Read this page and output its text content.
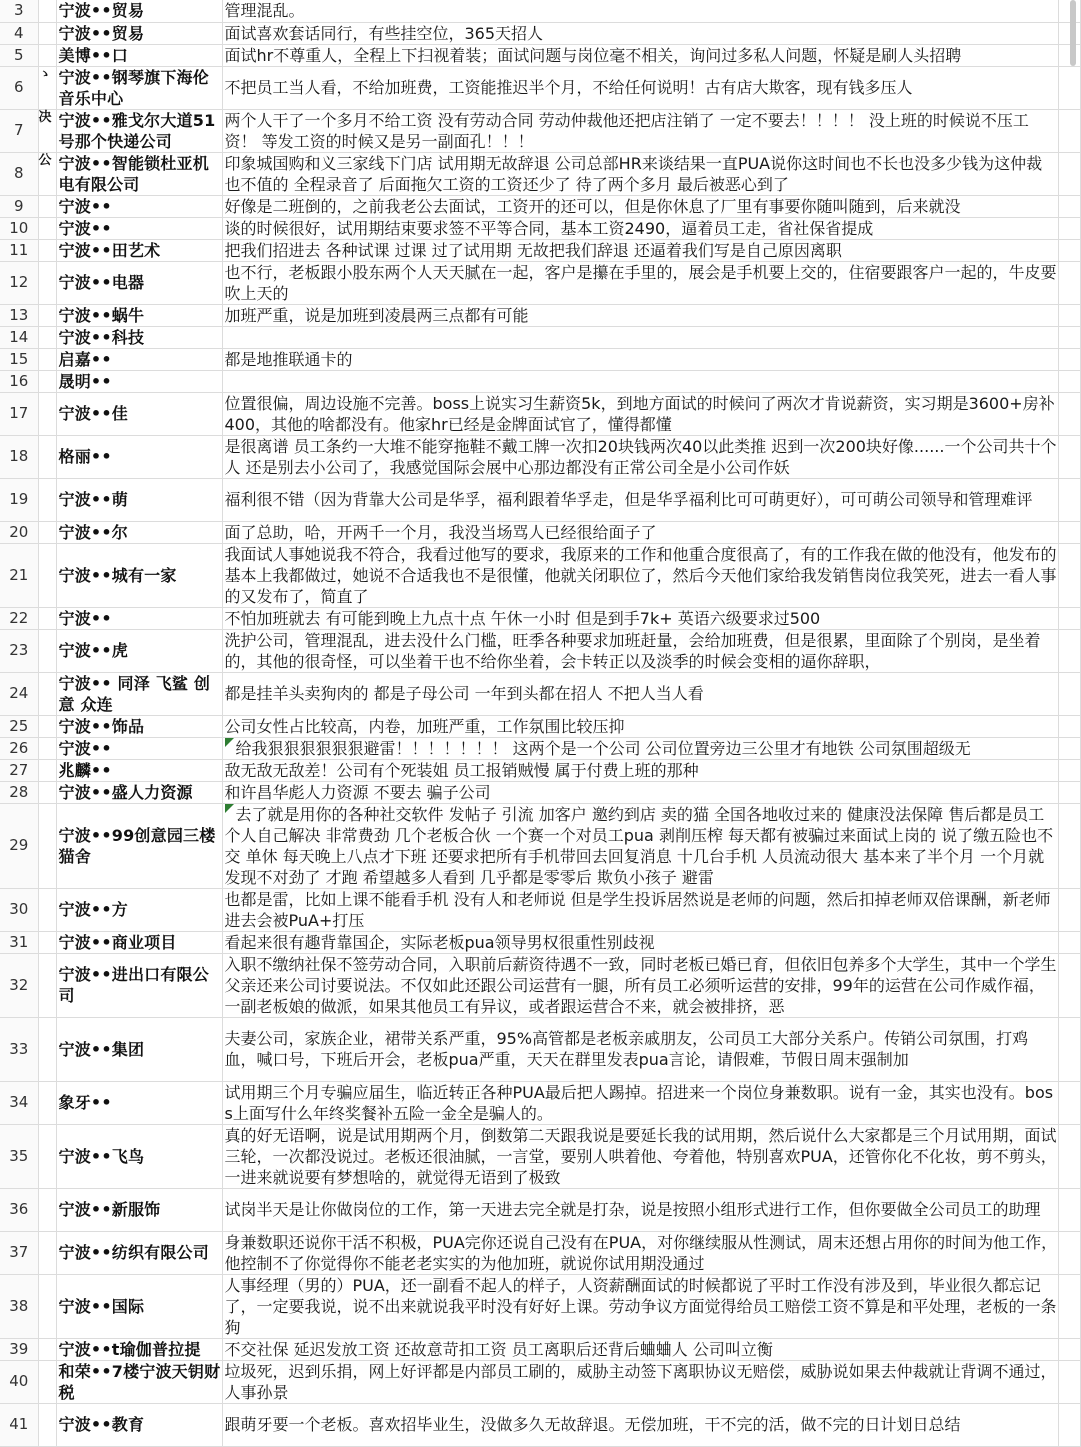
3		宁波••贸易	管理混乱。	
4		宁波••贸易	面试喜欢套话同行，有些挂空位，365天招人	
5		美博••口	面试hr不尊重人，全程上下扫视着装；面试问题与岗位毫不相关，询问过多私人问题，怀疑是刷人头招聘	
6	ゝ	宁波••钢琴旗下海伦音乐中心	不把员工当人看，不给加班费，工资能推迟半个月，不给任何说明！古有店大欺客，现有钱多压人	
7	决	宁波••雅戈尔大道51号那个快递公司	两个人干了一个多月不给工资 没有劳动合同 劳动仲裁他还把店注销了 一定不要去！！！！ 没上班的时候说不压工资！ 等发工资的时候又是另一副面孔！！！	
8	公	宁波••智能锁杜亚机电有限公司	印象城国购和义三家线下门店 试用期无故辞退 公司总部HR来谈结果一直PUA说你这时间也不长也没多少钱为这仲裁也不值的 全程录音了 后面拖欠工资的工资还少了 待了两个多月 最后被恶心到了	
9		宁波••	好像是二班倒的，之前我老公去面试，工资开的还可以，但是你休息了厂里有事要你随叫随到，后来就没	
10		宁波••	谈的时候很好，试用期结束要求签不平等合同，基本工资2490，逼着员工走，省社保省提成	
11		宁波••田艺术	把我们招进去 各种试课 过课 过了试用期 无故把我们辞退 还逼着我们写是自己原因离职	
12		宁波••电器	也不行，老板跟小股东两个人天天腻在一起，客户是攥在手里的，展会是手机要上交的，住宿要跟客户一起的，牛皮要吹上天的	
13		宁波••蜗牛	加班严重，说是加班到凌晨两三点都有可能	
14		宁波••科技		
15		启嘉••	都是地推联通卡的	
16		晟明••		
17		宁波••佳	位置很偏，周边设施不完善。boss上说实习生薪资5k，到地方面试的时候问了两次才肯说薪资，实习期是3600+房补400，其他的啥都没有。他家hr已经是金牌面试官了，懂得都懂	
18		格丽••	是很离谱 员工条约一大堆不能穿拖鞋不戴工牌一次扣20块钱两次40以此类推 迟到一次200块好像......一个公司共十个人 还是别去小公司了，我感觉国际会展中心那边都没有正常公司全是小公司作妖	
19		宁波••萌	福利很不错（因为背靠大公司是华孚，福利跟着华孚走，但是华孚福利比可可萌更好），可可萌公司领导和管理难评	
20		宁波••尔	面了总助，哈，开两千一个月，我没当场骂人已经很给面子了	
21		宁波••城有一家	我面试人事她说我不符合，我看过他写的要求，我原来的工作和他重合度很高了，有的工作我在做的他没有，他发布的基本上我都做过，她说不合适我也不是很懂，他就关闭职位了，然后今天他们家给我发销售岗位我笑死，进去一看人事的又发布了，简直了	
22		宁波••	不怕加班就去 有可能到晚上九点十点 午休一小时 但是到手7k+ 英语六级要求过500	
23		宁波••虎	洗护公司，管理混乱，进去没什么门槛，旺季各种要求加班赶量，会给加班费，但是很累，里面除了个别岗，是坐着的，其他的很奇怪，可以坐着干也不给你坐着，会卡转正以及淡季的时候会变相的逼你辞职，	
24		宁波•• 同泽 飞鲨 创意 众连	都是挂羊头卖狗肉的 都是子母公司 一年到头都在招人 不把人当人看	
25		宁波••饰品	公司女性占比较高，内卷，加班严重，工作氛围比较压抑	
26		宁波••	给我狠狠狠狠狠狠避雷！！！！！！！ 这两个是一个公司 公司位置旁边三公里才有地铁 公司氛围超级无	
27		兆麟••	敌无敌无敌差！公司有个死装姐 员工报销贼慢 属于付费上班的那种	
28		宁波••盛人力资源	和许昌华彪人力资源 不要去 骗子公司	
29		宁波••99创意园三楼 猫舍	去了就是用你的各种社交软件 发帖子 引流 加客户 邀约到店 卖的猫 全国各地收过来的 健康没法保障 售后都是员工个人自己解决 非常费劲 几个老板合伙 一个赛一个对员工pua 剥削压榨 每天都有被骗过来面试上岗的 说了缴五险也不交 单休 每天晚上八点才下班 还要求把所有手机带回去回复消息 十几台手机 人员流动很大 基本来了半个月 一个月就发现不对劲了 才跑 希望越多人看到 几乎都是零零后 欺负小孩子 避雷	
30		宁波••方	也都是雷，比如上课不能看手机 没有人和老师说 但是学生投诉居然说是老师的问题，然后扣掉老师双倍课酬，新老师进去会被PuA+打压	
31		宁波••商业项目	看起来很有趣背靠国企，实际老板pua领导男权很重性别歧视	
32		宁波••进出口有限公司	入职不缴纳社保不签劳动合同，入职前后薪资待遇不一致，同时老板已婚已育，但依旧包养多个大学生，其中一个学生父亲还来公司讨要说法。不仅如此还跟公司运营有一腿，所有员工必须听运营的安排，99年的运营在公司作威作福，一副老板娘的做派，如果其他员工有异议，或者跟运营合不来，就会被排挤，恶	
33		宁波••集团	夫妻公司，家族企业，裙带关系严重，95%高管都是老板亲戚朋友，公司员工大部分关系户。传销公司氛围，打鸡血，喊口号，下班后开会，老板pua严重，天天在群里发表pua言论，请假难，节假日周末强制加	
34		象牙••	试用期三个月专骗应届生，临近转正各种PUA最后把人踢掉。招进来一个岗位身兼数职。说有一金，其实也没有。boss上面写什么年终奖餐补五险一金全是骗人的。	
35		宁波••飞鸟	真的好无语啊，说是试用期两个月，倒数第二天跟我说是要延长我的试用期，然后说什么大家都是三个月试用期，面试三轮，一次都没说过。老板还很油腻，一言堂，要别人哄着他、夸着他，特别喜欢PUA，还管你化不化妆，剪不剪头，一进来就说要有梦想啥的，就觉得无语到了极致	
36		宁波••新服饰	试岗半天是让你做岗位的工作，第一天进去完全就是打杂，说是按照小组形式进行工作，但你要做全公司员工的助理	
37		宁波••纺织有限公司	身兼数职还说你干活不积极，PUA完你还说自己没有在PUA，对你继续服从性测试，周末还想占用你的时间为他工作，他控制不了你觉得你不能老老实实的为他加班，就说你试用期没通过	
38		宁波••国际	人事经理（男的）PUA，还一副看不起人的样子，人资薪酬面试的时候都说了平时工作没有涉及到，毕业很久都忘记了，一定要我说，说不出来就说我平时没有好好上课。劳动争议方面觉得给员工赔偿工资不算是和平处理，老板的一条狗	
39		宁波••t瑜伽普拉提	不交社保 延迟发放工资 还故意苛扣工资 员工离职后还背后蛐蛐人 公司叫立衡	
40		和荣••7楼宁波天钥财税	垃圾死，迟到乐捐，网上好评都是内部员工刷的，威胁主动签下离职协议无赔偿，威胁说如果去仲裁就让背调不通过，人事孙景	
41		宁波••教育	跟萌牙要一个老板。喜欢招毕业生，没做多久无故辞退。无偿加班，干不完的活，做不完的日计划日总结	
